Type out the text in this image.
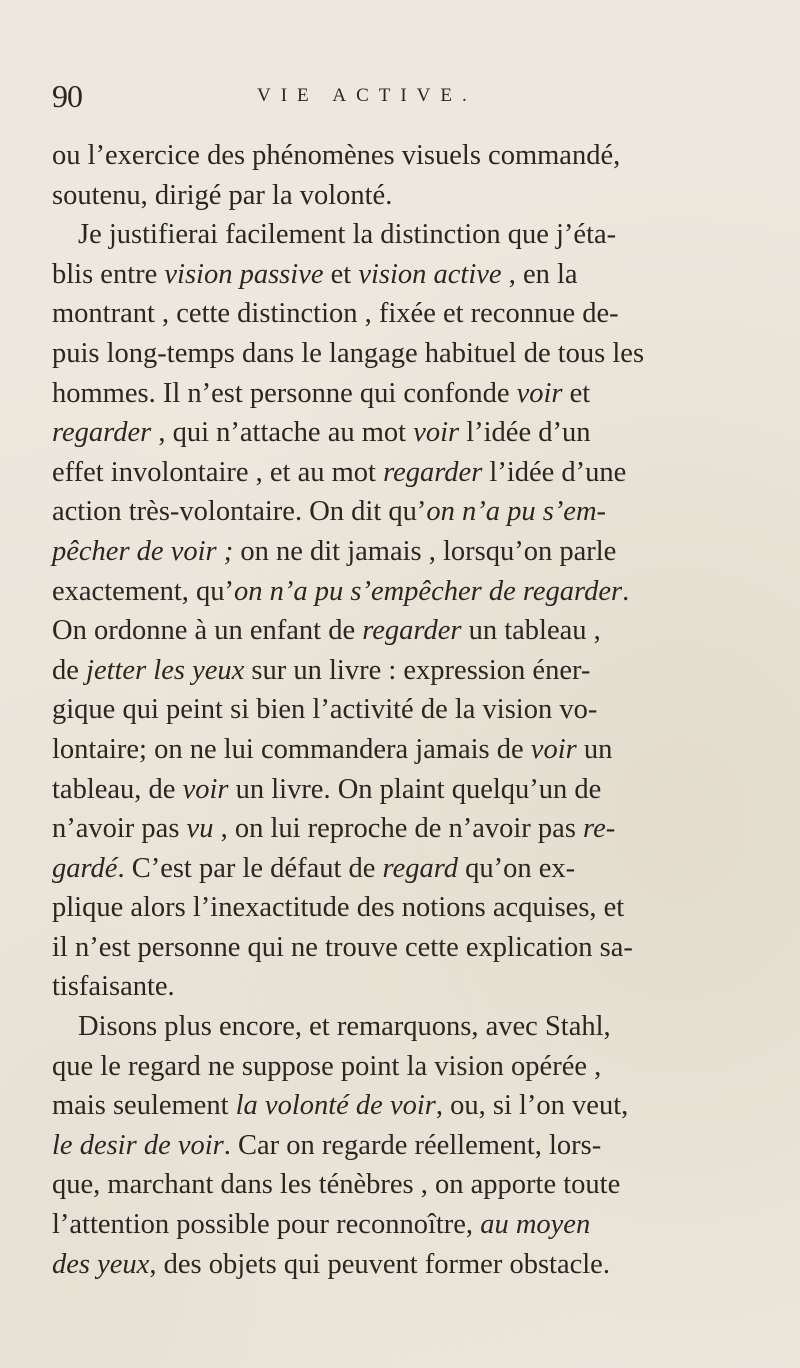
90	VIE ACTIVE.
ou l’exercice des phénomènes visuels commandé,
soutenu, dirigé par la volonté.
Je justifierai facilement la distinction que j’éta-
blis entre vision passive et vision active , en la
montrant , cette distinction , fixée et reconnue de-
puis long-temps dans le langage habituel de tous les
hommes. Il n’est personne qui confonde voir et
regarder , qui n’attache au mot voir l’idée d’un
effet involontaire , et au mot regarder l’idée d’une
action très-volontaire. On dit qu’on n’a pu s’em-
pêcher de voir ; on ne dit jamais , lorsqu’on parle
exactement, qu’on n’a pu s’empêcher de regarder.
On ordonne à un enfant de regarder un tableau ,
de jetter les yeux sur un livre : expression éner-
gique qui peint si bien l’activité de la vision vo-
lontaire; on ne lui commandera jamais de voir un
tableau, de voir un livre. On plaint quelqu’un de
n’avoir pas vu , on lui reproche de n’avoir pas re-
gardé. C’est par le défaut de regard qu’on ex-
plique alors l’inexactitude des notions acquises, et
il n’est personne qui ne trouve cette explication sa-
tisfaisante.
Disons plus encore, et remarquons, avec Stahl,
que le regard ne suppose point la vision opérée ,
mais seulement la volonté de voir, ou, si l’on veut,
le desir de voir. Car on regarde réellement, lors-
que, marchant dans les ténèbres , on apporte toute
l’attention possible pour reconnoître, au moyen
des yeux, des objets qui peuvent former obstacle.
